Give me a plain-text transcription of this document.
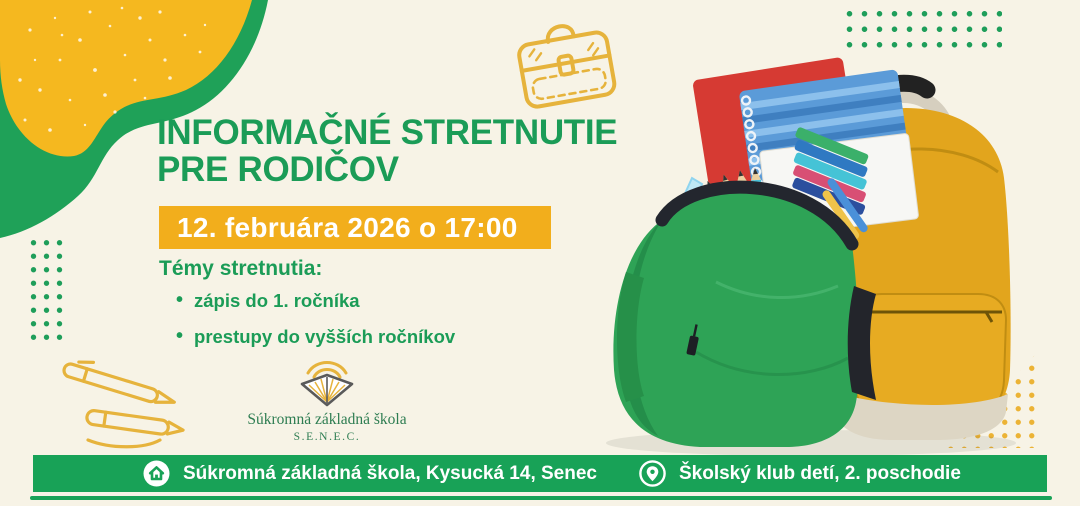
INFORMAČNÉ STRETNUTIE
PRE RODIČOV
12. februára 2026 o 17:00
Témy stretnutia:
• zápis do 1. ročníka
• prestupy do vyšších ročníkov
Súkromná základná škola
S.E.N.E.C.
Súkromná základná škola, Kysucká 14, Senec	Školský klub detí, 2. poschodie
